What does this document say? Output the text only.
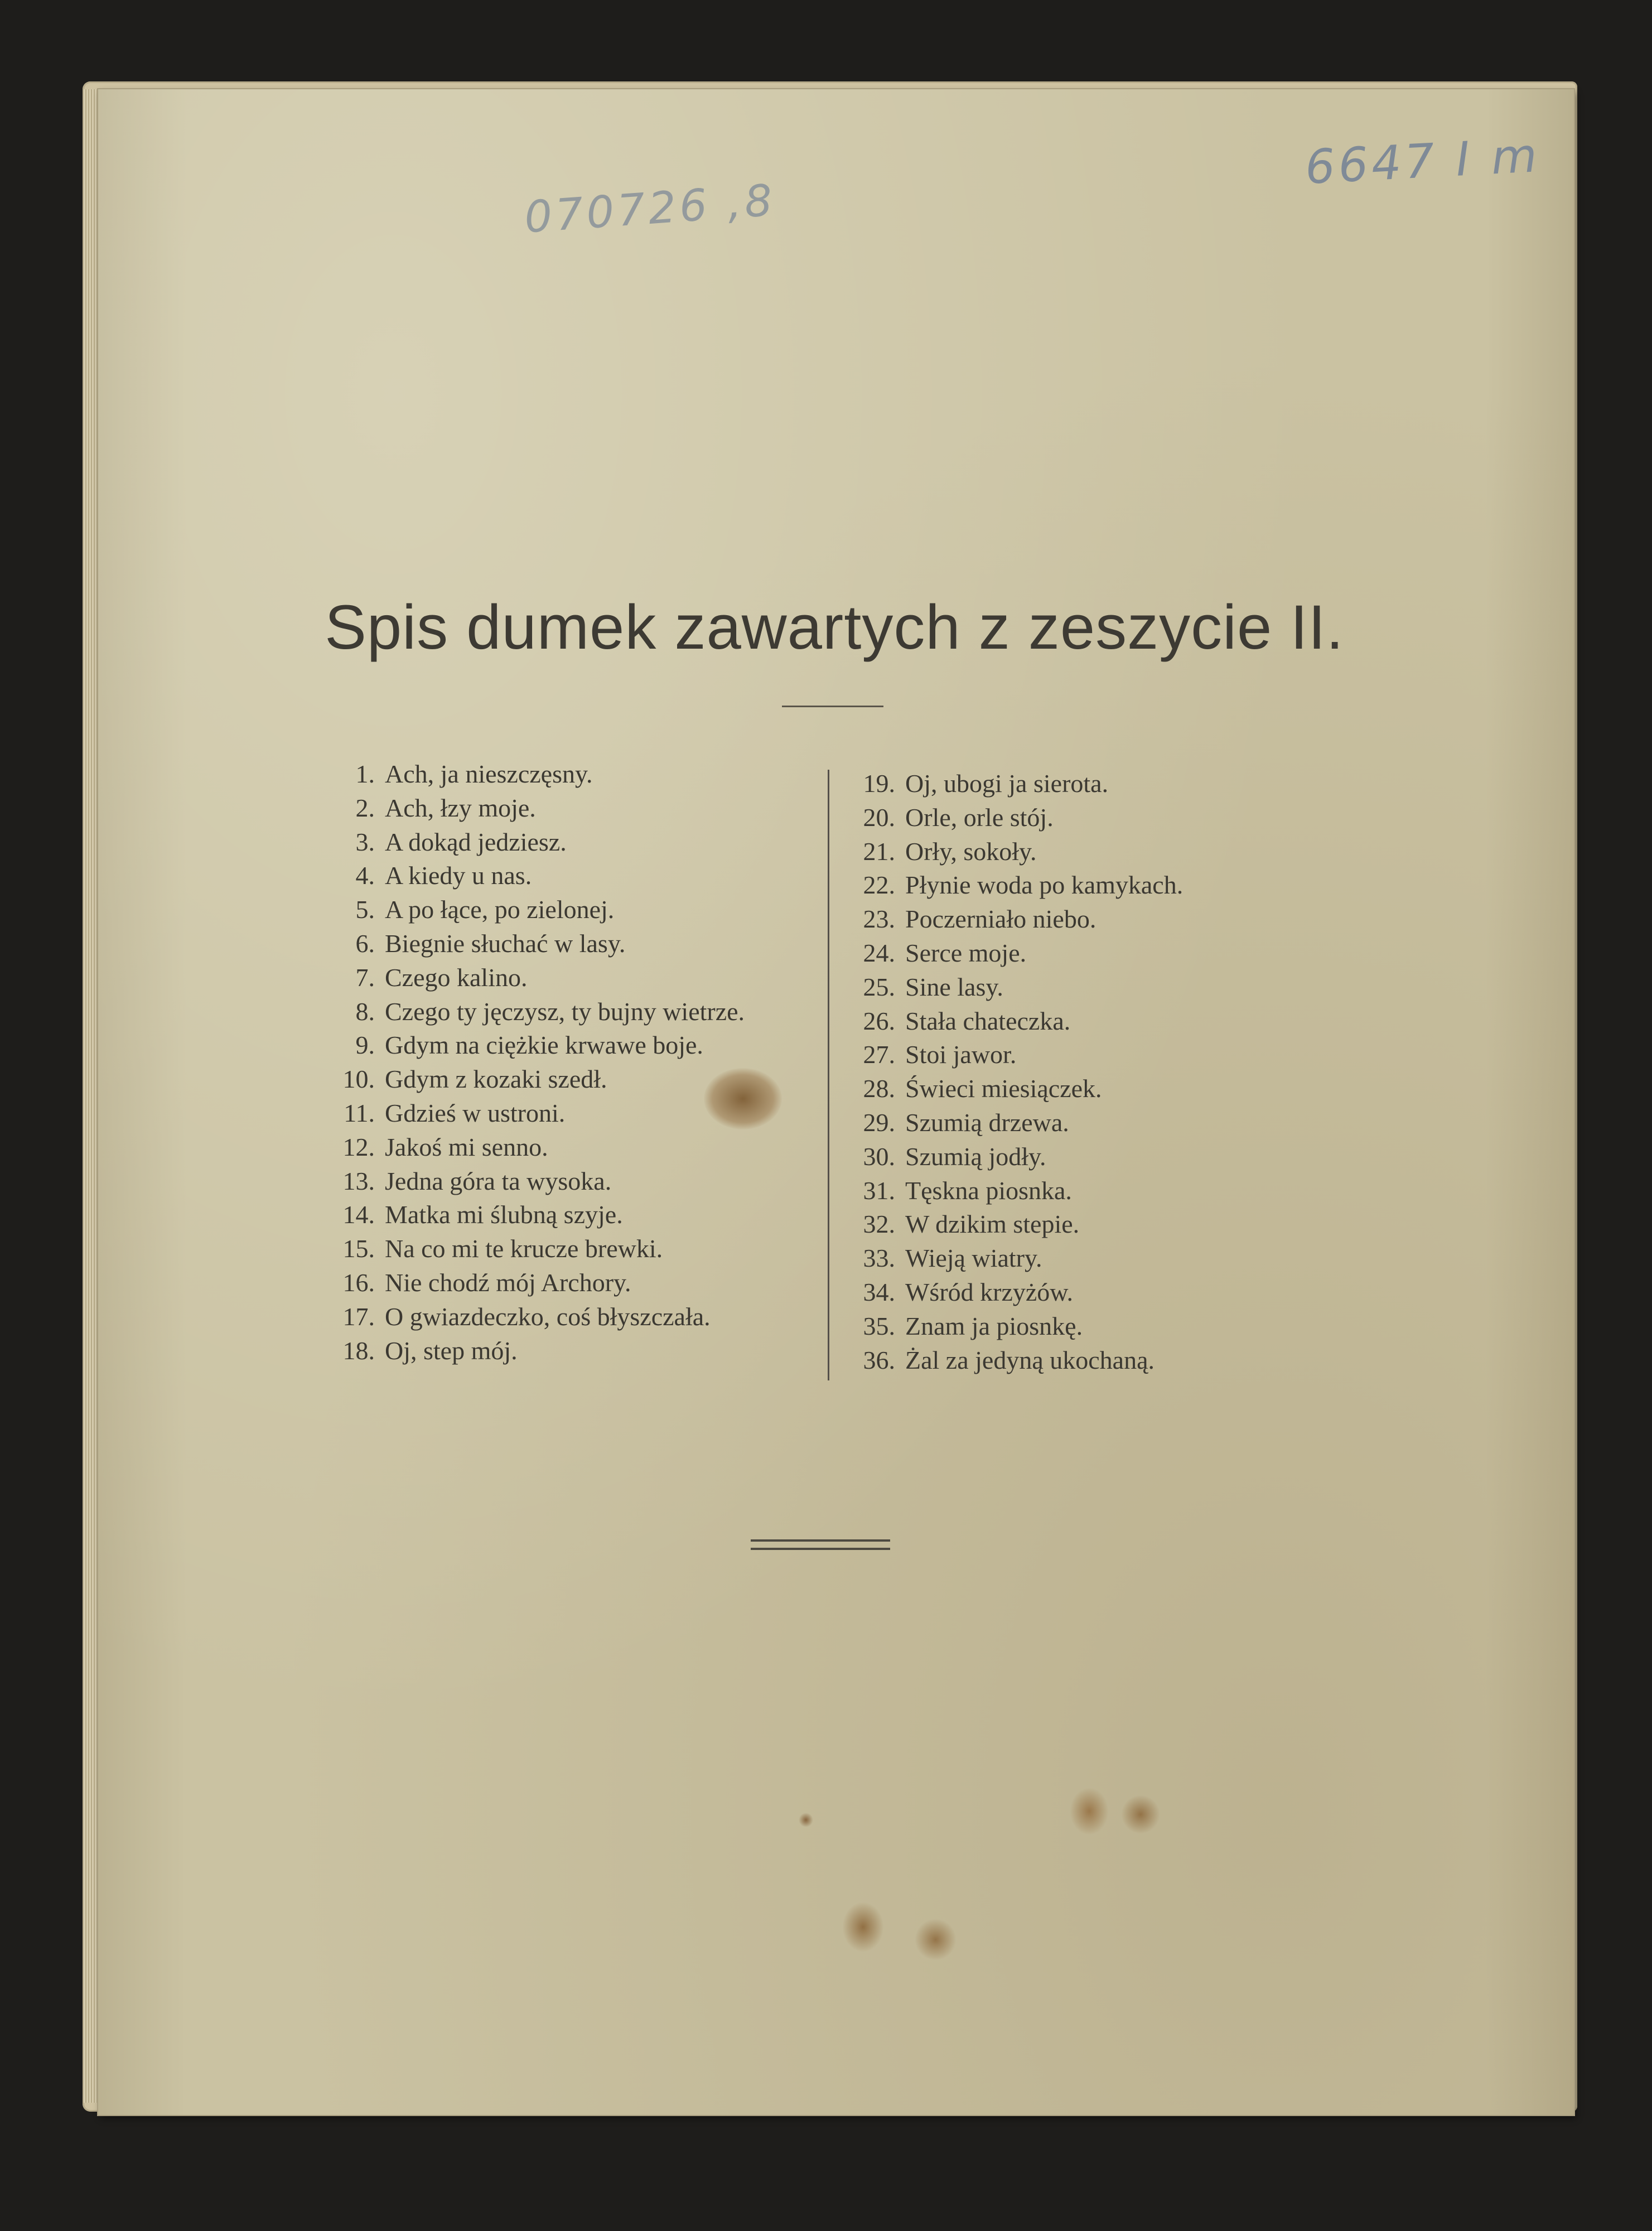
6647 I m
070726 ,8
Spis dumek zawartych z zeszycie II.
1. Ach, ja nieszczęsny.
2. Ach, łzy moje.
3. A dokąd jedziesz.
4. A kiedy u nas.
5. A po łące, po zielonej.
6. Biegnie słuchać w lasy.
7. Czego kalino.
8. Czego ty jęczysz, ty bujny wietrze.
9. Gdym na ciężkie krwawe boje.
10. Gdym z kozaki szedł.
11. Gdzieś w ustroni.
12. Jakoś mi senno.
13. Jedna góra ta wysoka.
14. Matka mi ślubną szyje.
15. Na co mi te krucze brewki.
16. Nie chodź mój Archory.
17. O gwiazdeczko, coś błyszczała.
18. Oj, step mój.
19. Oj, ubogi ja sierota.
20. Orle, orle stój.
21. Orły, sokoły.
22. Płynie woda po kamykach.
23. Poczerniało niebo.
24. Serce moje.
25. Sine lasy.
26. Stała chateczka.
27. Stoi jawor.
28. Świeci miesiączek.
29. Szumią drzewa.
30. Szumią jodły.
31. Tęskna piosnka.
32. W dzikim stepie.
33. Wieją wiatry.
34. Wśród krzyżów.
35. Znam ja piosnkę.
36. Żal za jedyną ukochaną.
